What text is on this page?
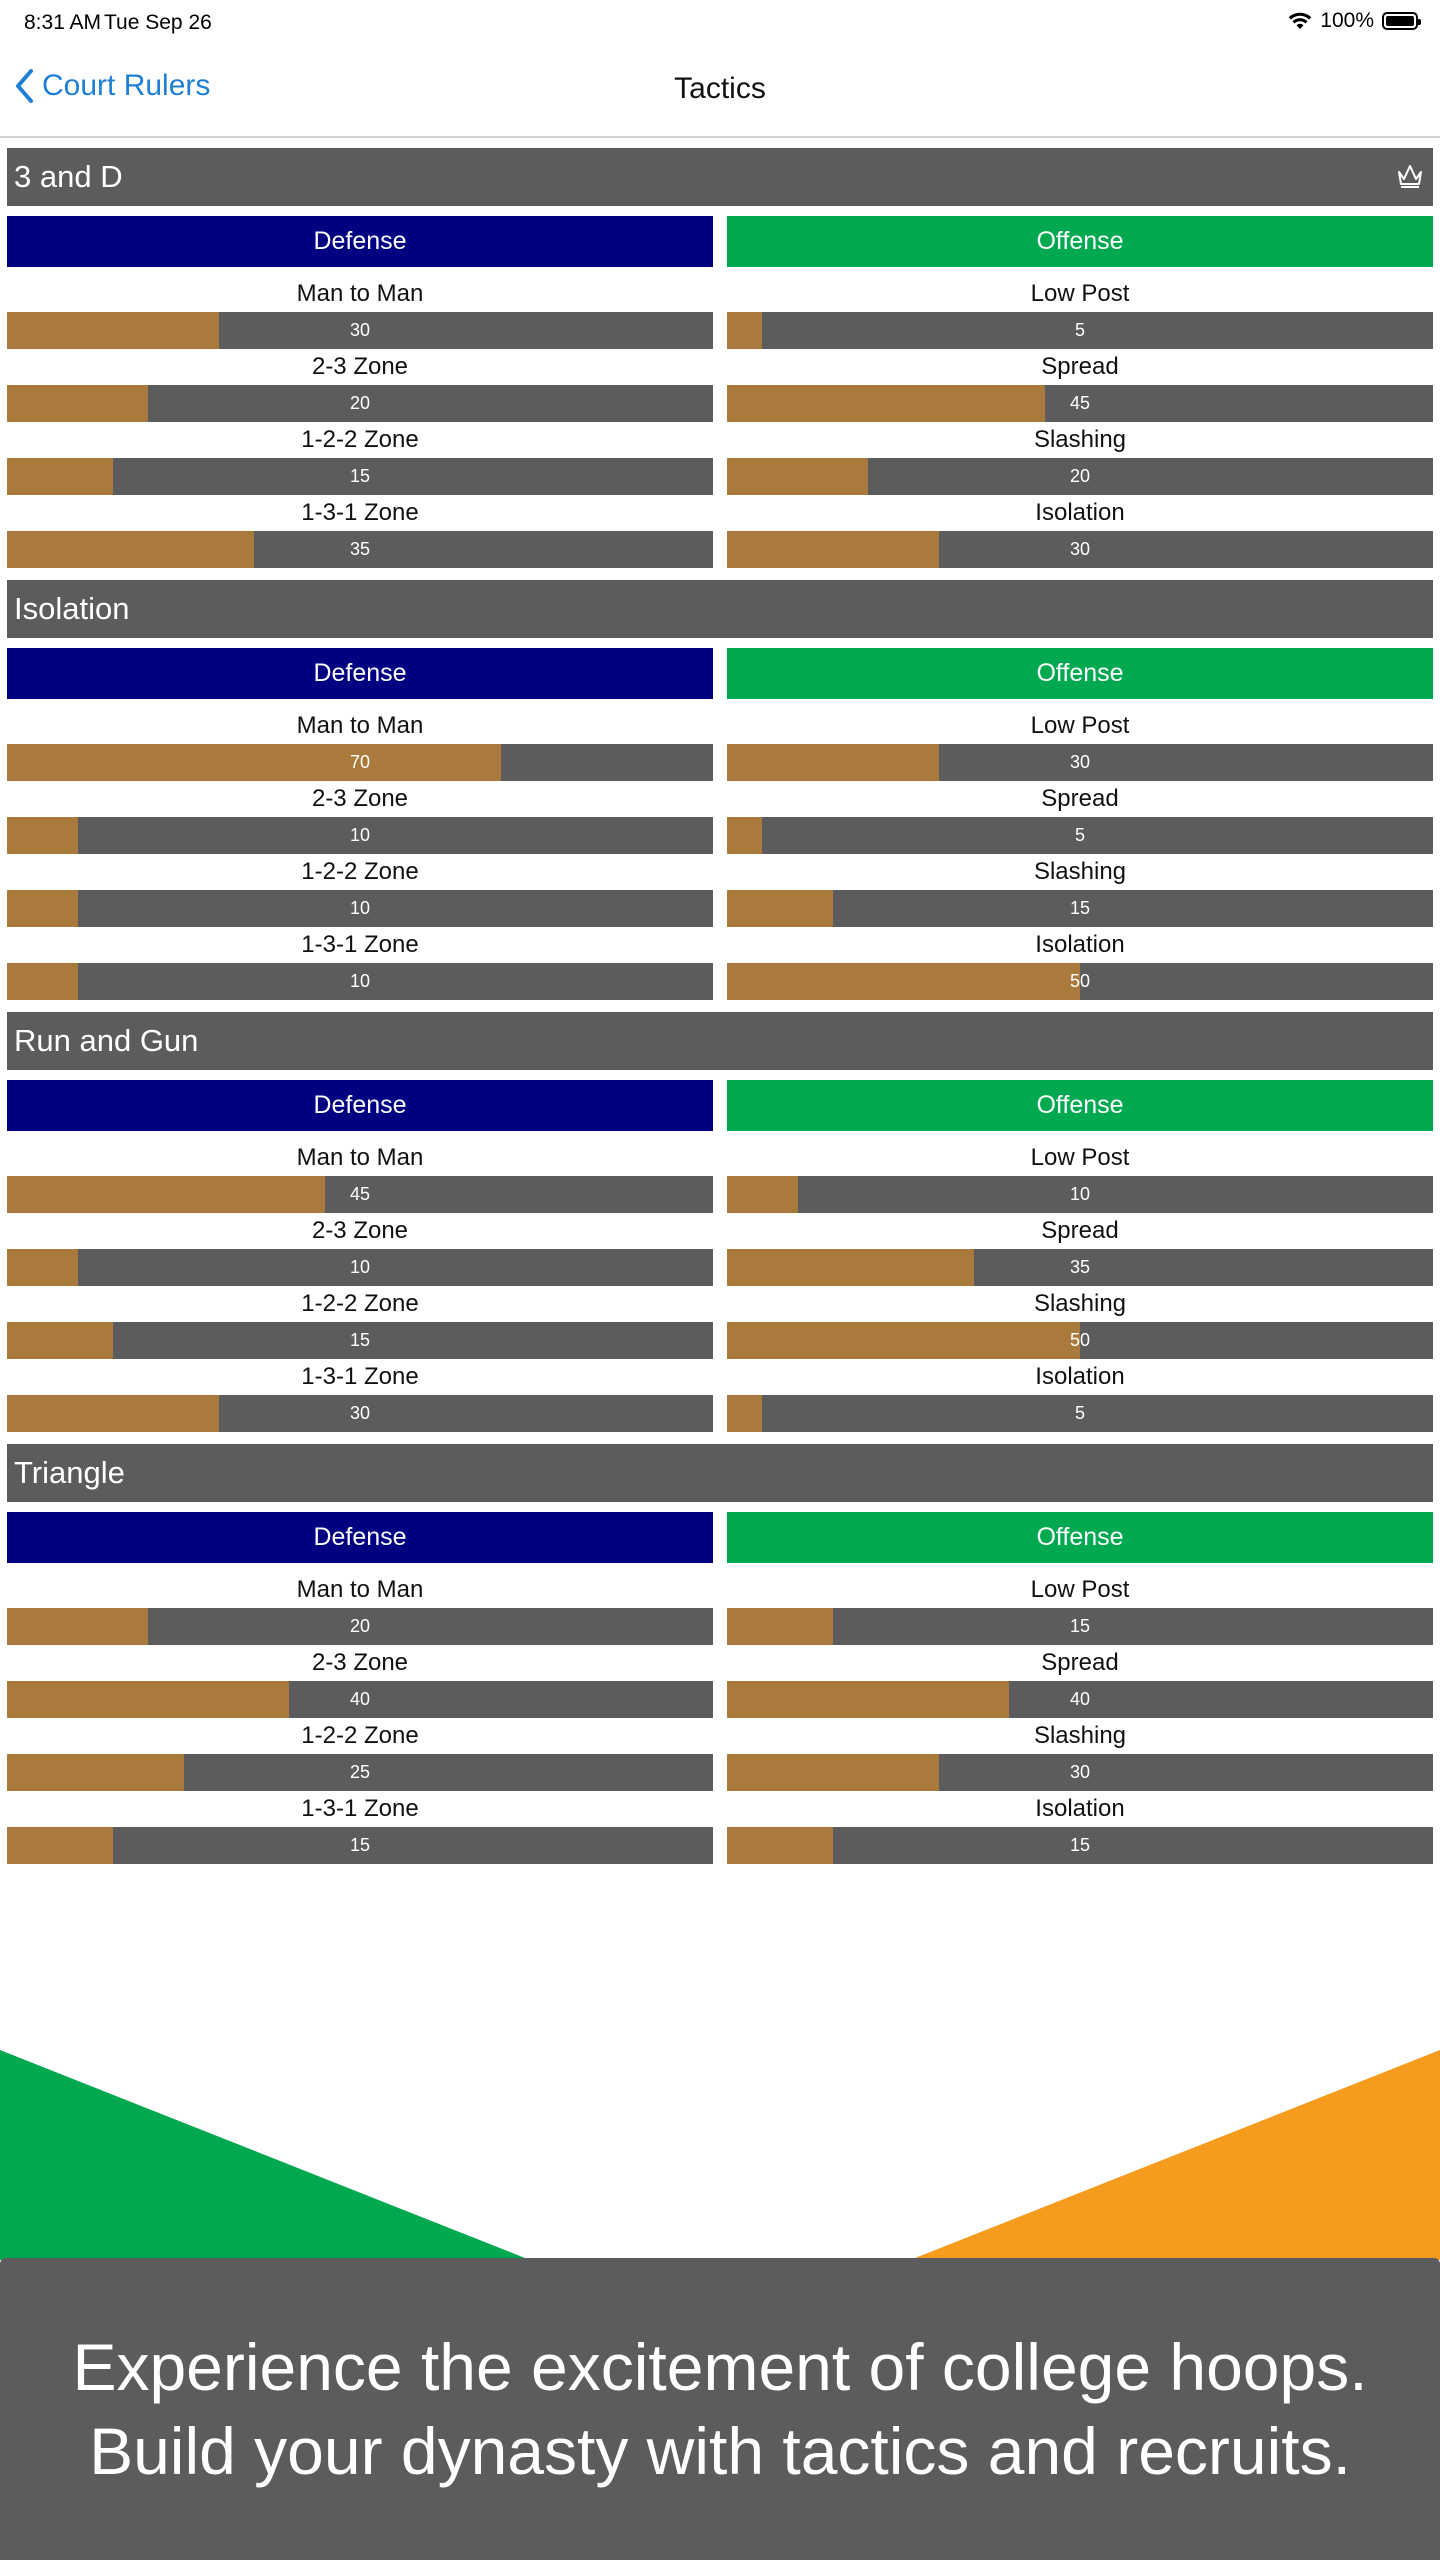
8:31 AM Tue Sep 26	100%
Court Rulers	Tactics
3 and D
Defense
Man to Man
30
2-3 Zone
20
1-2-2 Zone
15
1-3-1 Zone
35
Offense
Low Post
5
Spread
45
Slashing
20
Isolation
30
Isolation
Defense
Man to Man
70
2-3 Zone
10
1-2-2 Zone
10
1-3-1 Zone
10
Offense
Low Post
30
Spread
5
Slashing
15
Isolation
50
Run and Gun
Defense
Man to Man
45
2-3 Zone
10
1-2-2 Zone
15
1-3-1 Zone
30
Offense
Low Post
10
Spread
35
Slashing
50
Isolation
5
Triangle
Defense
Man to Man
20
2-3 Zone
40
1-2-2 Zone
25
1-3-1 Zone
15
Offense
Low Post
15
Spread
40
Slashing
30
Isolation
15
Experience the excitement of college hoops.
Build your dynasty with tactics and recruits.
